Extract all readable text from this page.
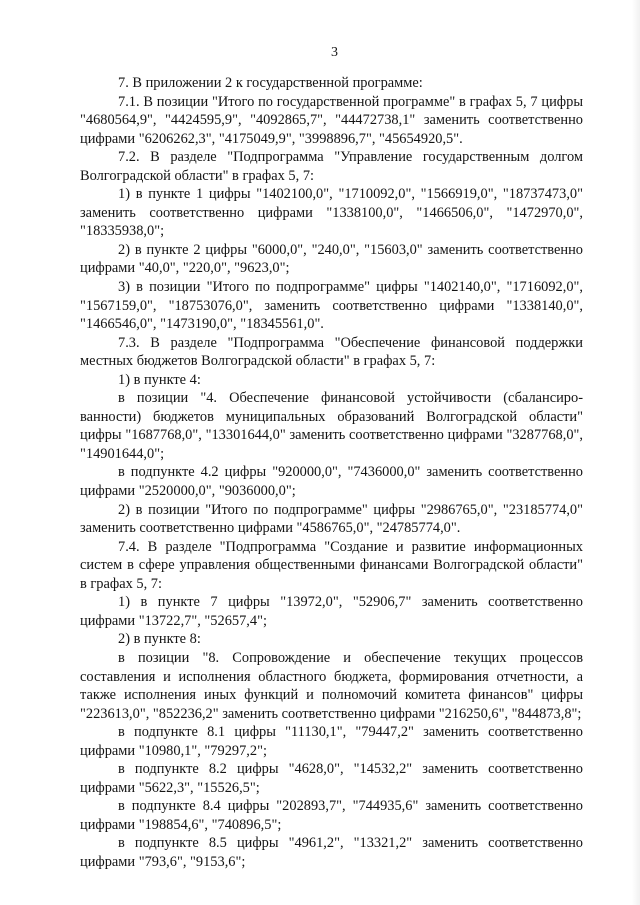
3

7. В приложении 2 к государственной программе:

7.1. В позиции "Итого по государственной программе" в графах 5, 7 цифры "4680564,9", "4424595,9", "4092865,7", "44472738,1" заменить соответственно цифрами "6206262,3", "4175049,9", "3998896,7", "45654920,5".

7.2. В разделе "Подпрограмма "Управление государственным долгом Волгоградской области" в графах 5, 7:

1) в пункте 1 цифры "1402100,0", "1710092,0", "1566919,0", "18737473,0" заменить соответственно цифрами "1338100,0", "1466506,0", "1472970,0", "18335938,0";

2) в пункте 2 цифры "6000,0", "240,0", "15603,0" заменить соответственно цифрами "40,0", "220,0", "9623,0";

3) в позиции "Итого по подпрограмме" цифры "1402140,0", "1716092,0", "1567159,0", "18753076,0", заменить соответственно цифрами "1338140,0", "1466546,0", "1473190,0", "18345561,0".

7.3. В разделе "Подпрограмма "Обеспечение финансовой поддержки местных бюджетов Волгоградской области" в графах 5, 7:

1) в пункте 4:

в позиции "4. Обеспечение финансовой устойчивости (сбалансированности) бюджетов муниципальных образований Волгоградской области" цифры "1687768,0", "13301644,0" заменить соответственно цифрами "3287768,0", "14901644,0";

в подпункте 4.2 цифры "920000,0", "7436000,0" заменить соответственно цифрами "2520000,0", "9036000,0";

2) в позиции "Итого по подпрограмме" цифры "2986765,0", "23185774,0" заменить соответственно цифрами "4586765,0", "24785774,0".

7.4. В разделе "Подпрограмма "Создание и развитие информационных систем в сфере управления общественными финансами Волгоградской области" в графах 5, 7:

1) в пункте 7 цифры "13972,0", "52906,7" заменить соответственно цифрами "13722,7", "52657,4";

2) в пункте 8:

в позиции "8. Сопровождение и обеспечение текущих процессов составления и исполнения областного бюджета, формирования отчетности, а также исполнения иных функций и полномочий комитета финансов" цифры "223613,0", "852236,2" заменить соответственно цифрами "216250,6", "844873,8";

в подпункте 8.1 цифры "11130,1", "79447,2" заменить соответственно цифрами "10980,1", "79297,2";

в подпункте 8.2 цифры "4628,0", "14532,2" заменить соответственно цифрами "5622,3", "15526,5";

в подпункте 8.4 цифры "202893,7", "744935,6" заменить соответственно цифрами "198854,6", "740896,5";

в подпункте 8.5 цифры "4961,2", "13321,2" заменить соответственно цифрами "793,6", "9153,6";
